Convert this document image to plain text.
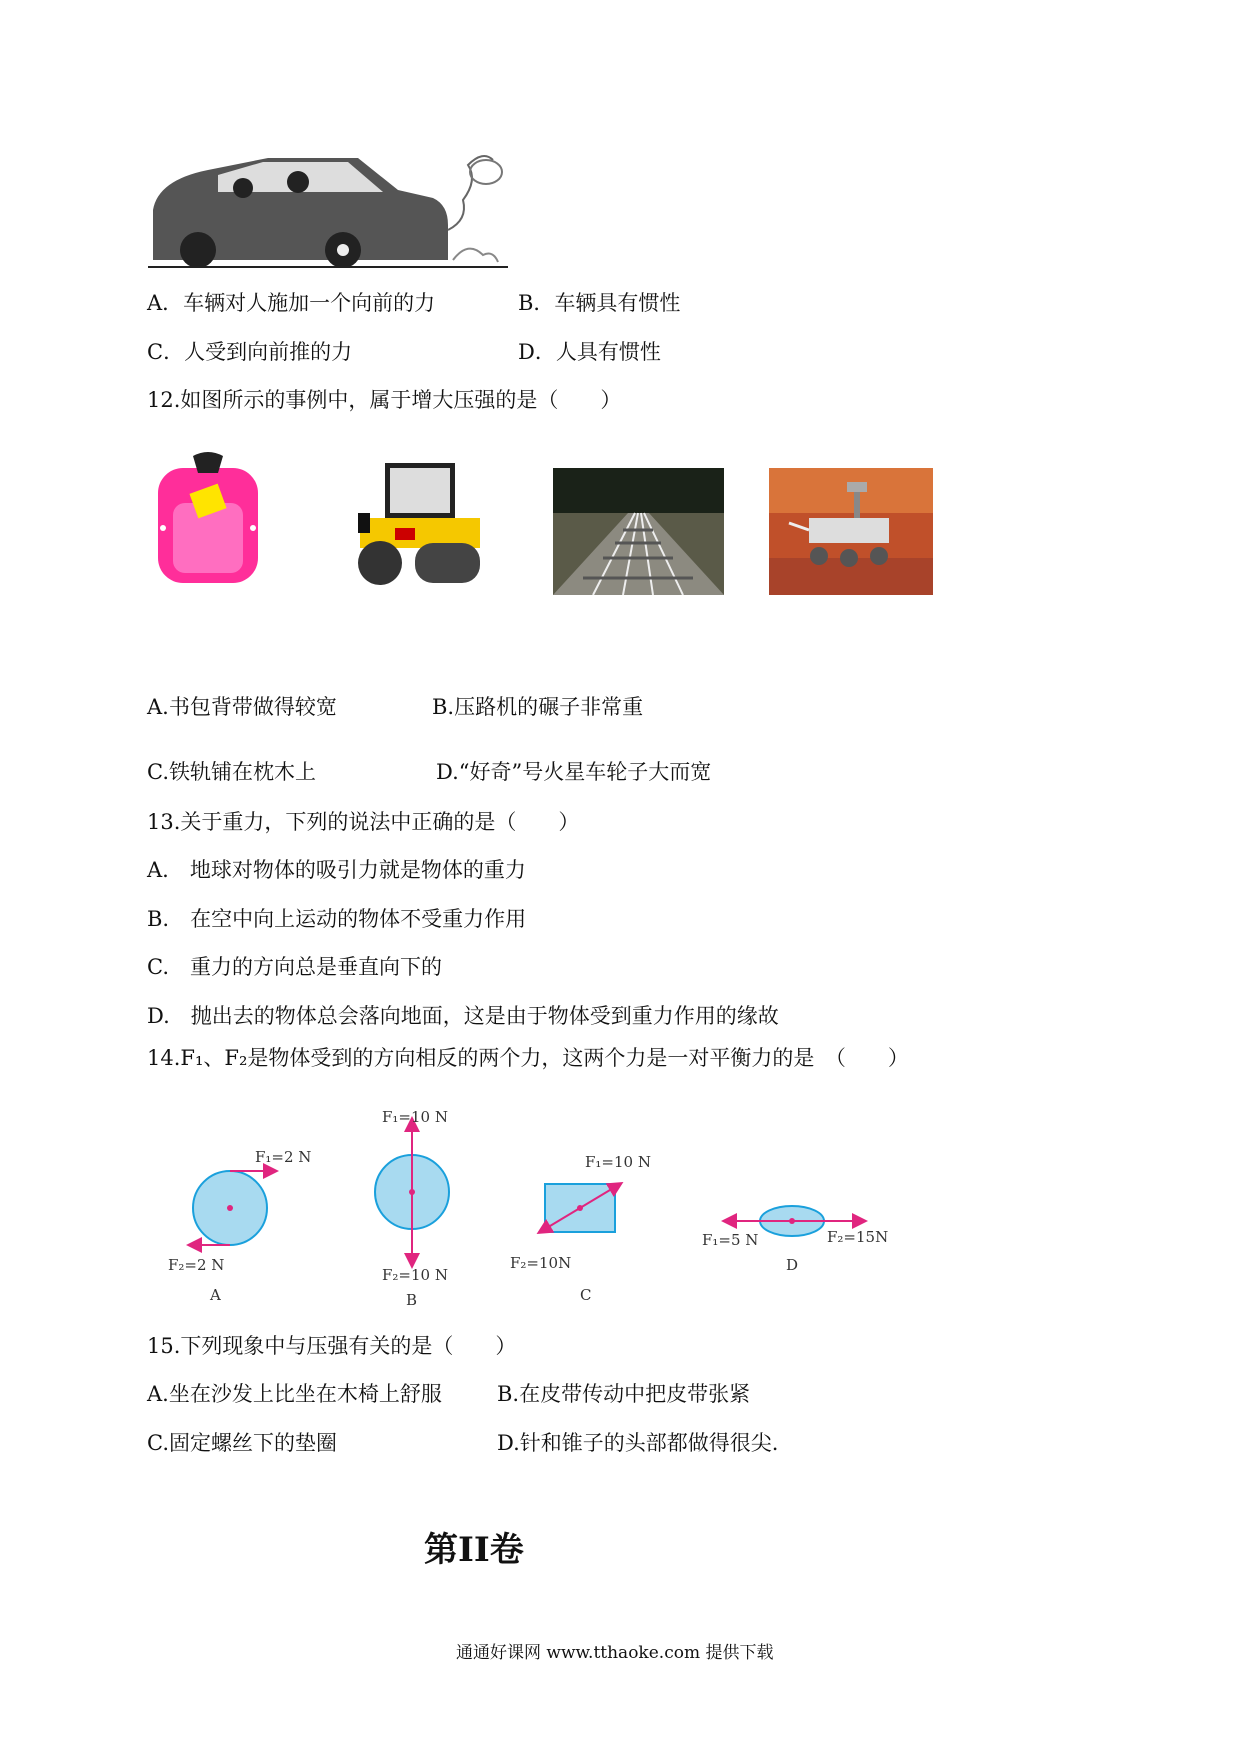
A．车辆对人施加一个向前的力	B．车辆具有惯性
C．人受到向前推的力	D．人具有惯性
12.如图所示的事例中，属于增大压强的是（　　）
A.书包背带做得较宽	B.压路机的碾子非常重
C.铁轨铺在枕木上	D.“好奇”号火星车轮子大而宽
13.关于重力，下列的说法中正确的是（　　）
A.　地球对物体的吸引力就是物体的重力
B.　在空中向上运动的物体不受重力作用
C.　重力的方向总是垂直向下的
D.　抛出去的物体总会落向地面，这是由于物体受到重力作用的缘故
14.F₁、F₂是物体受到的方向相反的两个力，这两个力是一对平衡力的是　（　　）
F₁=2 N
F₂=2 N
A
F₁=10 N
F₂=10 N
B
F₁=10 N
F₂=10N
C
F₁=5 N	F₂=15N
D
15.下列现象中与压强有关的是（　　）
A.坐在沙发上比坐在木椅上舒服	B.在皮带传动中把皮带张紧
C.固定螺丝下的垫圈	D.针和锥子的头部都做得很尖.
第II卷
通通好课网 www.tthaoke.com 提供下载
